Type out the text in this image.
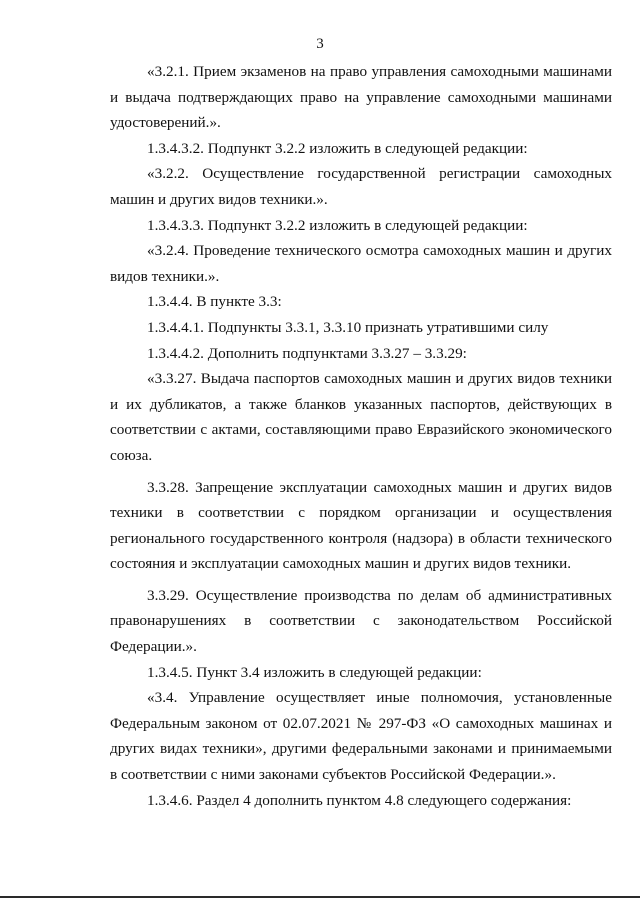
3

«3.2.1. Прием экзаменов на право управления самоходными машинами и выдача подтверждающих право на управление самоходными машинами удостоверений.».

1.3.4.3.2. Подпункт 3.2.2 изложить в следующей редакции:

«3.2.2. Осуществление государственной регистрации самоходных машин и других видов техники.».

1.3.4.3.3. Подпункт 3.2.2 изложить в следующей редакции:

«3.2.4. Проведение технического осмотра самоходных машин и других видов техники.».

1.3.4.4. В пункте 3.3:

1.3.4.4.1. Подпункты 3.3.1, 3.3.10 признать утратившими силу

1.3.4.4.2. Дополнить подпунктами 3.3.27 – 3.3.29:

«3.3.27. Выдача паспортов самоходных машин и других видов техники и их дубликатов, а также бланков указанных паспортов, действующих в соответствии с актами, составляющими право Евразийского экономического союза.

3.3.28. Запрещение эксплуатации самоходных машин и других видов техники в соответствии с порядком организации и осуществления регионального государственного контроля (надзора) в области технического состояния и эксплуатации самоходных машин и других видов техники.

3.3.29. Осуществление производства по делам об административных правонарушениях в соответствии с законодательством Российской Федерации.».

1.3.4.5. Пункт 3.4 изложить в следующей редакции:

«3.4. Управление осуществляет иные полномочия, установленные Федеральным законом от 02.07.2021 № 297-ФЗ «О самоходных машинах и других видах техники», другими федеральными законами и принимаемыми в соответствии с ними законами субъектов Российской Федерации.».

1.3.4.6. Раздел 4 дополнить пунктом 4.8 следующего содержания:
